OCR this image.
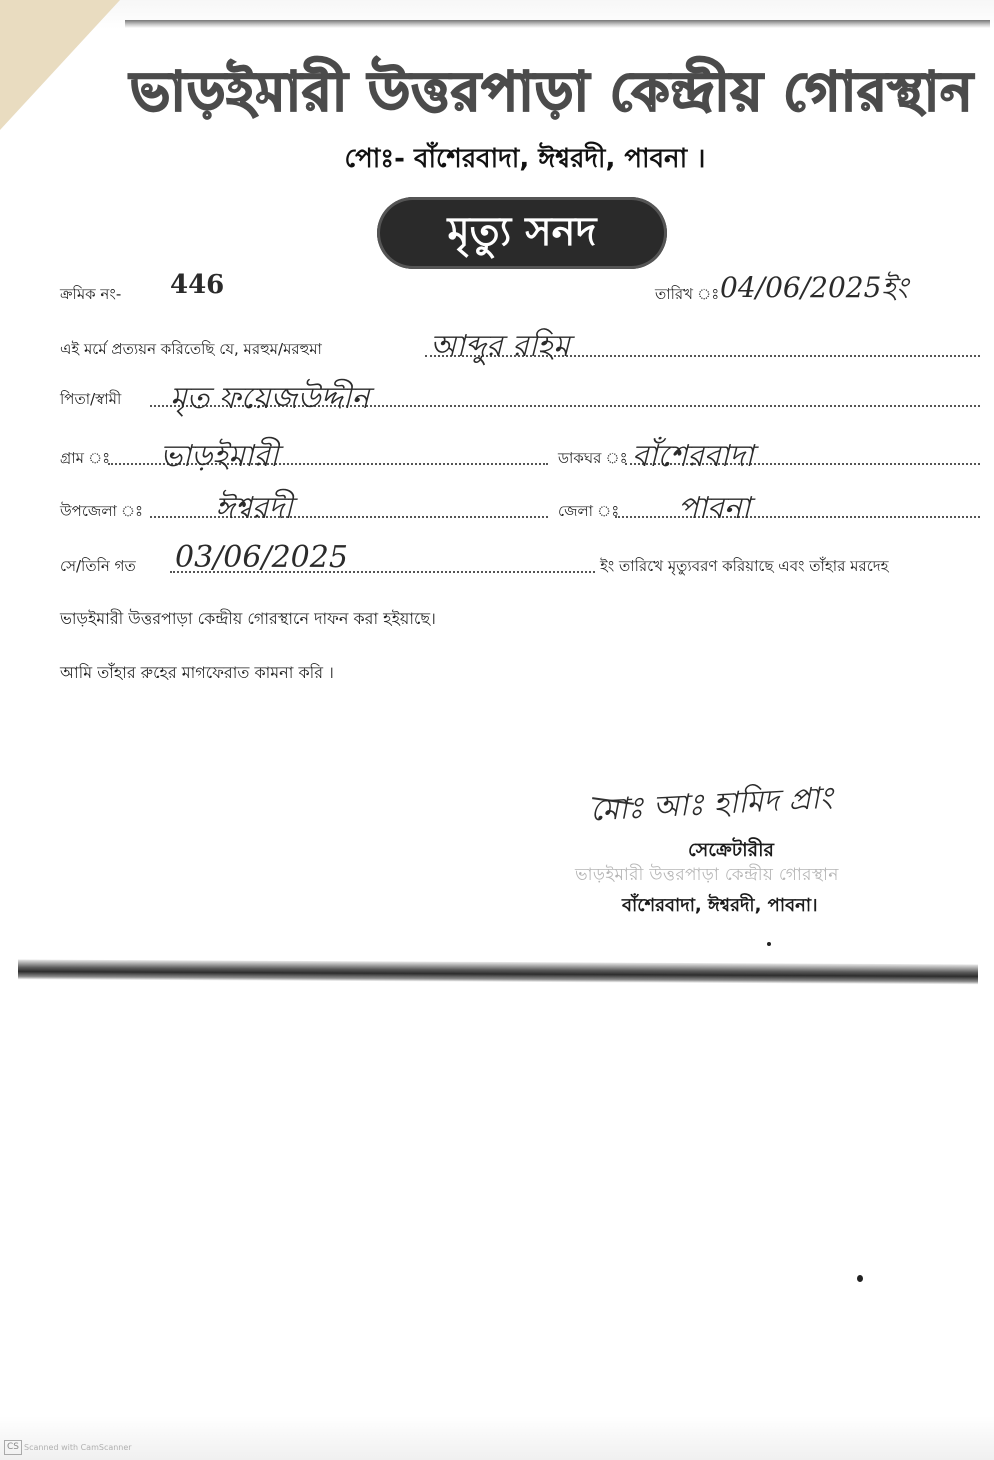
ভাড়ইমারী উত্তরপাড়া কেন্দ্রীয় গোরস্থান
পোঃ- বাঁশেরবাদা, ঈশ্বরদী, পাবনা ।
মৃত্যু সনদ
ক্রমিক নং- 446	তারিখ ঃ 04/06/2025ইং
এই মর্মে প্রত্যয়ন করিতেছি যে, মরহুম/মরহুমা	আব্দুর রহিম
পিতা/স্বামী মৃত ফয়েজউদ্দীন
গ্রাম ঃ ভাড়ইমারী	ডাকঘর ঃ বাঁশেরবাদা
উপজেলা ঃ ঈশ্বরদী	জেলা ঃ পাবনা
সে/তিনি গত 03/06/2025	ইং তারিখে মৃত্যুবরণ করিয়াছে এবং তাঁহার মরদেহ
ভাড়ইমারী উত্তরপাড়া কেন্দ্রীয় গোরস্থানে দাফন করা হইয়াছে।
আমি তাঁহার রুহের মাগফেরাত কামনা করি ।
মোঃ আঃ হামিদ প্রাং
সেক্রেটারীর
ভাড়ইমারী উত্তরপাড়া কেন্দ্রীয় গোরস্থান
বাঁশেরবাদা, ঈশ্বরদী, পাবনা।
CS Scanned with CamScanner
